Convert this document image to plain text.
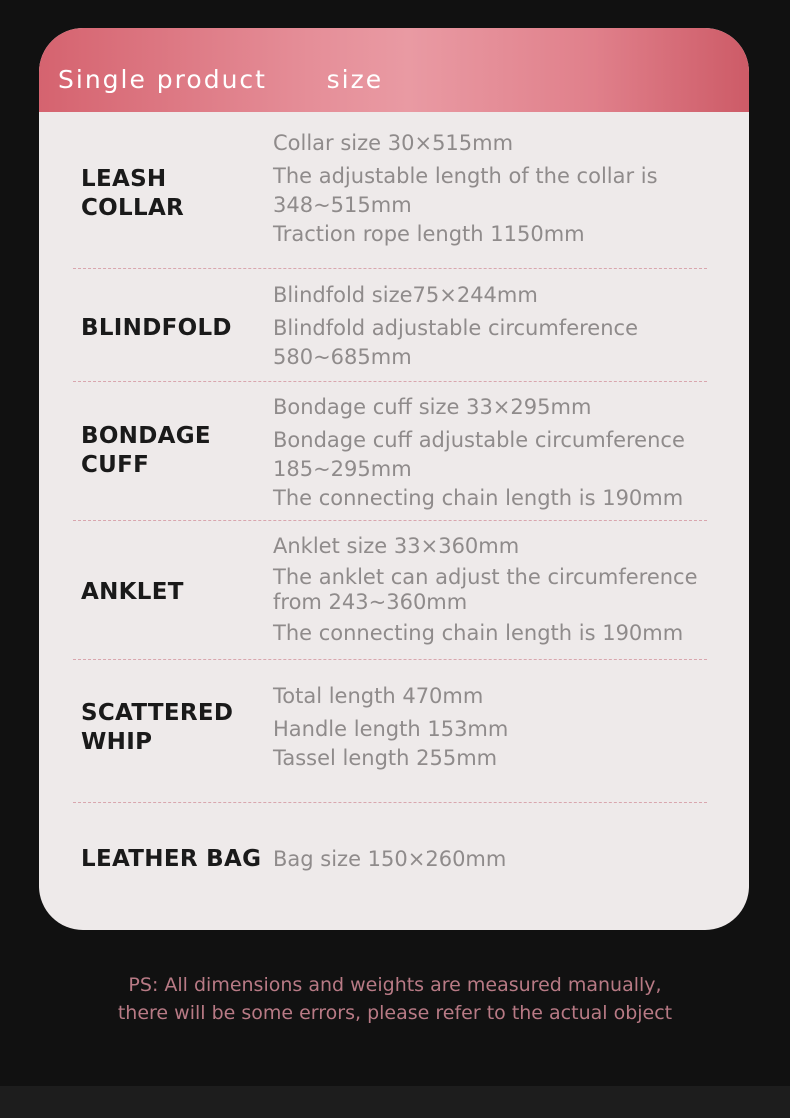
Single product      size
LEASH
COLLAR
Collar size 30×515mm
The adjustable length of the collar is
348~515mm
Traction rope length 1150mm
BLINDFOLD
Blindfold size75×244mm
Blindfold adjustable circumference
580~685mm
BONDAGE
CUFF
Bondage cuff size 33×295mm
Bondage cuff adjustable circumference
185~295mm
The connecting chain length is 190mm
ANKLET
Anklet size 33×360mm
The anklet can adjust the circumference
from 243~360mm
The connecting chain length is 190mm
SCATTERED
WHIP
Total length 470mm
Handle length 153mm
Tassel length 255mm
LEATHER BAG Bag size 150×260mm

PS: All dimensions and weights are measured manually,
there will be some errors, please refer to the actual object
